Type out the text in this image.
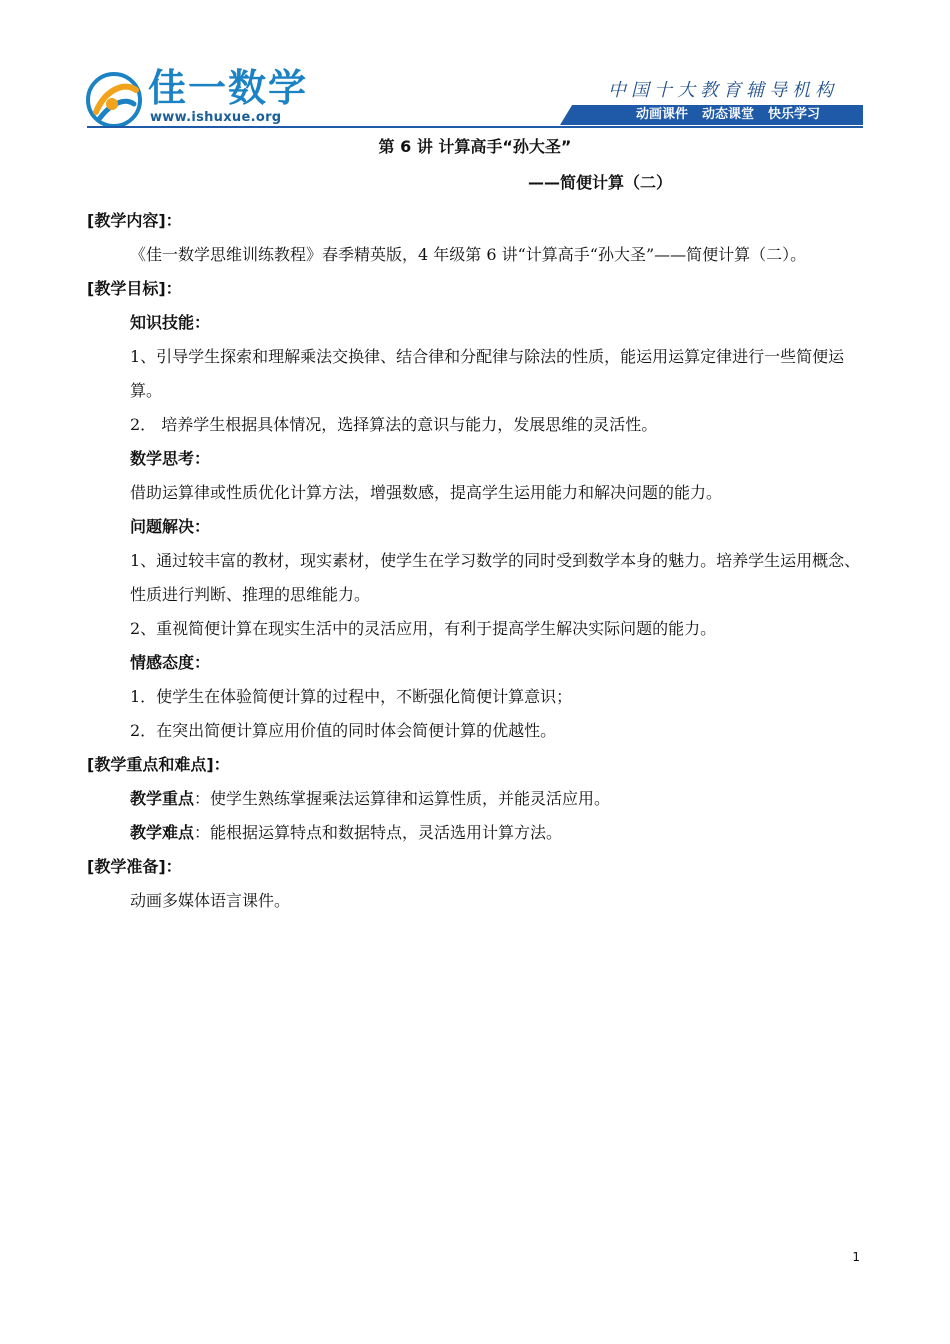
佳一数学
www.ishuxue.org
中国十大教育辅导机构
动画课件 动态课堂 快乐学习
第 6 讲 计算高手“孙大圣”
——简便计算（二）

[教学内容]：

《佳一数学思维训练教程》春季精英版，4 年级第 6 讲“计算高手“孙大圣”——简便计算（二）。

[教学目标]：

知识技能：

1、引导学生探索和理解乘法交换律、结合律和分配律与除法的性质，能运用运算定律进行一些简便运算。

2． 培养学生根据具体情况，选择算法的意识与能力，发展思维的灵活性。

数学思考：

借助运算律或性质优化计算方法，增强数感，提高学生运用能力和解决问题的能力。

问题解决：

1、通过较丰富的教材，现实素材，使学生在学习数学的同时受到数学本身的魅力。培养学生运用概念、性质进行判断、推理的思维能力。

2、重视简便计算在现实生活中的灵活应用，有利于提高学生解决实际问题的能力。

情感态度：

1．使学生在体验简便计算的过程中，不断强化简便计算意识；

2．在突出简便计算应用价值的同时体会简便计算的优越性。

[教学重点和难点]：

教学重点：使学生熟练掌握乘法运算律和运算性质，并能灵活应用。

教学难点：能根据运算特点和数据特点，灵活选用计算方法。

[教学准备]：

动画多媒体语言课件。

1
